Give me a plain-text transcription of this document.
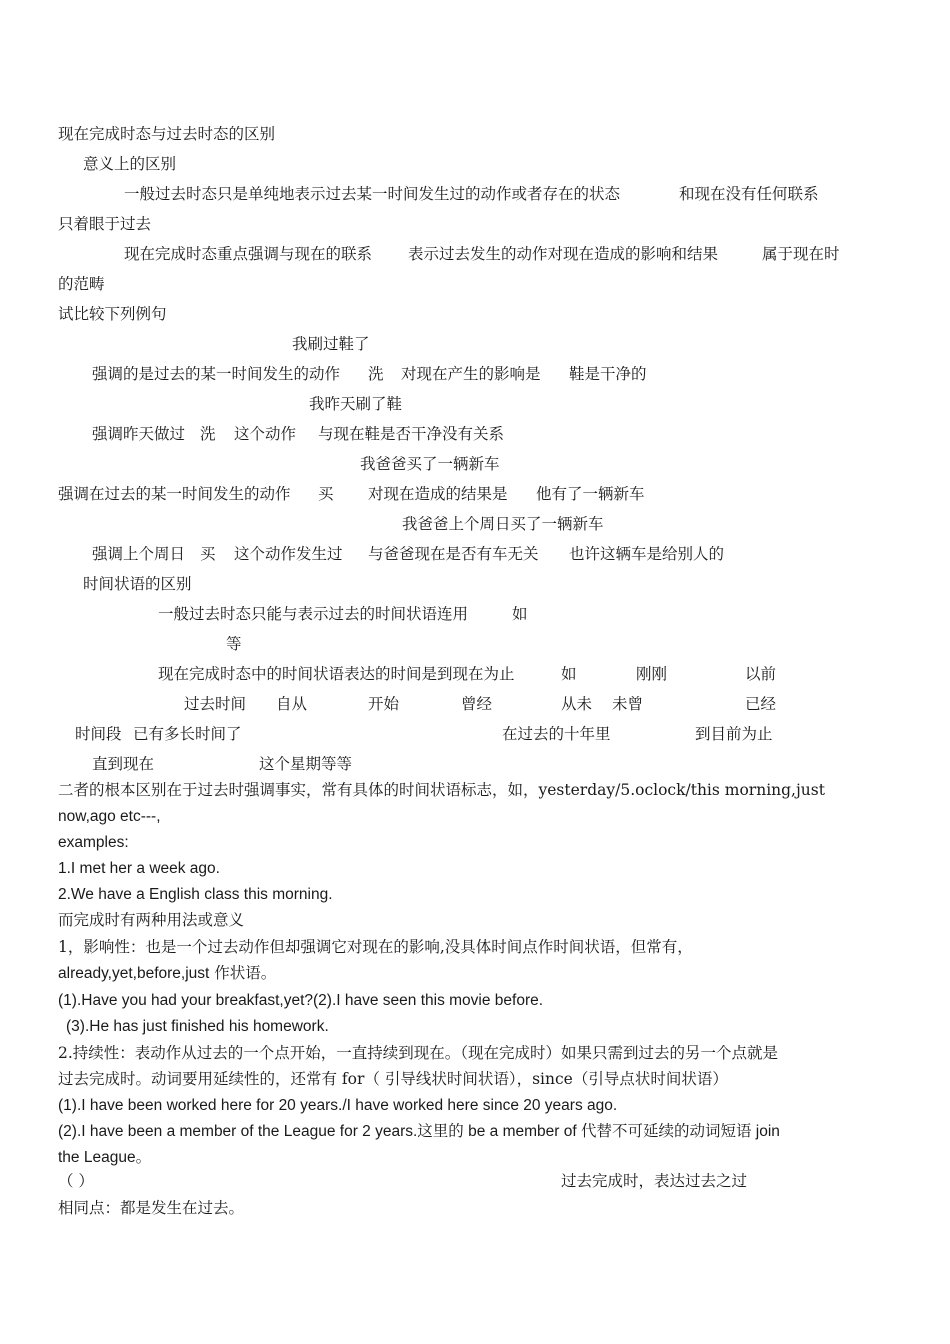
现在完成时态与过去时态的区别
意义上的区别
一般过去时态只是单纯地表示过去某一时间发生过的动作或者存在的状态	和现在没有任何联系
只着眼于过去
现在完成时态重点强调与现在的联系 表示过去发生的动作对现在造成的影响和结果	属于现在时
的范畴
试比较下列例句
我刷过鞋了
强调的是过去的某一时间发生的动作 洗 对现在产生的影响是 鞋是干净的
我昨天刷了鞋
强调昨天做过 洗 这个动作 与现在鞋是否干净没有关系
我爸爸买了一辆新车
强调在过去的某一时间发生的动作 买 对现在造成的结果是 他有了一辆新车
我爸爸上个周日买了一辆新车
强调上个周日 买 这个动作发生过 与爸爸现在是否有车无关 也许这辆车是给别人的
时间状语的区别
一般过去时态只能与表示过去的时间状语连用	如
等
现在完成时态中的时间状语表达的时间是到现在为止	如	刚刚	以前
过去时间 自从	开始	曾经	从未 未曾	已经
时间段 已有多长时间了	在过去的十年里	到目前为止
直到现在	这个星期等等
二者的根本区别在于过去时强调事实，常有具体的时间状语标志，如，yesterday/5.oclock/this morning,just
now,ago etc---,
examples:
1.I met her a week ago.
2.We have a English class this morning.
而完成时有两种用法或意义
1，影响性：也是一个过去动作但却强调它对现在的影响,没具体时间点作时间状语，但常有，
already,yet,before,just 作状语。
(1).Have you had your breakfast,yet?(2).I have seen this movie before.
(3).He has just finished his homework.
2.持续性：表动作从过去的一个点开始，一直持续到现在。（现在完成时）如果只需到过去的另一个点就是
过去完成时。动词要用延续性的，还常有 for（ 引导线状时间状语），since（引导点状时间状语）
(1).I have been worked here for 20 years./I have worked here since 20 years ago.
(2).I have been a member of the League for 2 years.这里的 be a member of 代替不可延续的动词短语 join
the League。
（ ）	过去完成时，表达过去之过
相同点：都是发生在过去。
